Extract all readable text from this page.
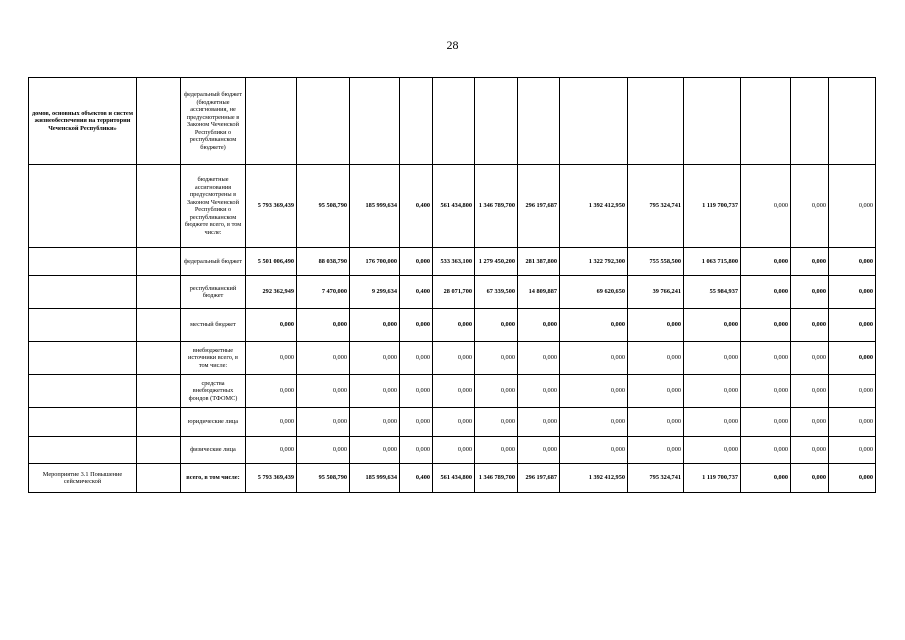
28
домов, основных объектов и систем жизнеобеспечения на территории Чеченской Республики»		федеральный бюджет (бюджетные ассигнования, не предусмотренные в Законом Чеченской Республики о республиканском бюджете)													
		бюджетные ассигнования предусмотрены в Законом Чеченской Республики о республиканском бюджете всего, в том числе:	5 793 369,439	95 508,790	185 999,634	0,400	561 434,800	1 346 789,700	296 197,687	1 392 412,950	795 324,741	1 119 700,737	0,000	0,000	0,000
		федеральный бюджет	5 501 006,490	88 038,790	176 700,000	0,000	533 363,100	1 279 450,200	281 387,800	1 322 792,300	755 558,500	1 063 715,800	0,000	0,000	0,000
		республиканский бюджет	292 362,949	7 470,000	9 299,634	0,400	28 071,700	67 339,500	14 809,887	69 620,650	39 766,241	55 984,937	0,000	0,000	0,000
		местный бюджет	0,000	0,000	0,000	0,000	0,000	0,000	0,000	0,000	0,000	0,000	0,000	0,000	0,000
		внебюджетные источники всего, в том числе:	0,000	0,000	0,000	0,000	0,000	0,000	0,000	0,000	0,000	0,000	0,000	0,000	0,000
		средства внебюджетных фондов (ТФОМС)	0,000	0,000	0,000	0,000	0,000	0,000	0,000	0,000	0,000	0,000	0,000	0,000	0,000
		юридические лица	0,000	0,000	0,000	0,000	0,000	0,000	0,000	0,000	0,000	0,000	0,000	0,000	0,000
		физические лица	0,000	0,000	0,000	0,000	0,000	0,000	0,000	0,000	0,000	0,000	0,000	0,000	0,000
Мероприятие 3.1 Повышение сейсмической		всего, в том числе:	5 793 369,439	95 508,790	185 999,634	0,400	561 434,800	1 346 789,700	296 197,687	1 392 412,950	795 324,741	1 119 700,737	0,000	0,000	0,000
